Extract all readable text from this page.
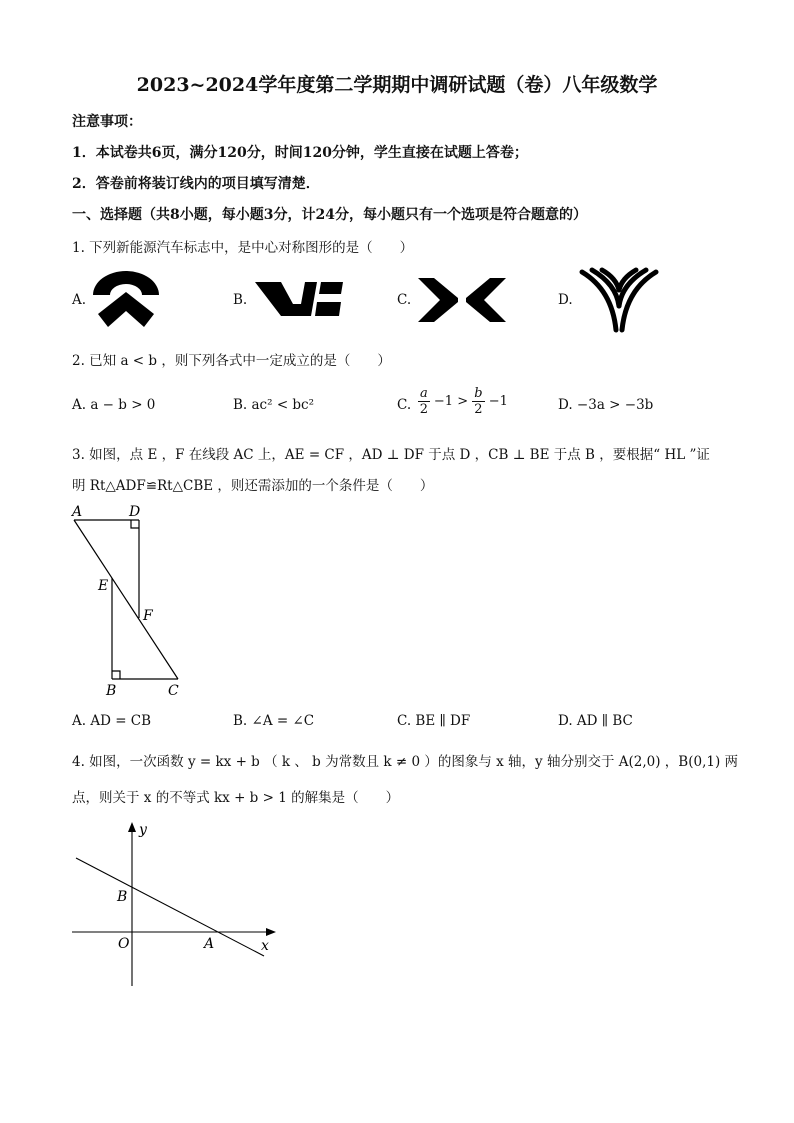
2023~2024学年度第二学期期中调研试题（卷）八年级数学
注意事项：
1．本试卷共6页，满分120分，时间120分钟，学生直接在试题上答卷；
2．答卷前将装订线内的项目填写清楚．
一、选择题（共8小题，每小题3分，计24分，每小题只有一个选项是符合题意的）
1. 下列新能源汽车标志中，是中心对称图形的是（　　）
A.	B.	C.	D.
2. 已知 a < b ，则下列各式中一定成立的是（　　）
A. a − b > 0	B. ac² < bc²	C. $\frac{a}{2} -1 > \frac{b}{2} -1$	D. −3a > −3b
3. 如图，点 E ，F 在线段 AC 上，AE = CF ，AD ⊥ DF 于点 D ，CB ⊥ BE 于点 B ，要根据“ HL ”证
明 Rt△ADF≌Rt△CBE ，则还需添加的一个条件是（　　）
A	D
E
F
B	C
A. AD = CB	B. ∠A = ∠C	C. BE ∥ DF	D. AD ∥ BC
4. 如图，一次函数 y = kx + b （ k 、 b 为常数且 k ≠ 0 ）的图象与 x 轴，y 轴分别交于 A(2,0) ，B(0,1) 两
点，则关于 x 的不等式 kx + b > 1 的解集是（　　）
y
x
O	A
B
